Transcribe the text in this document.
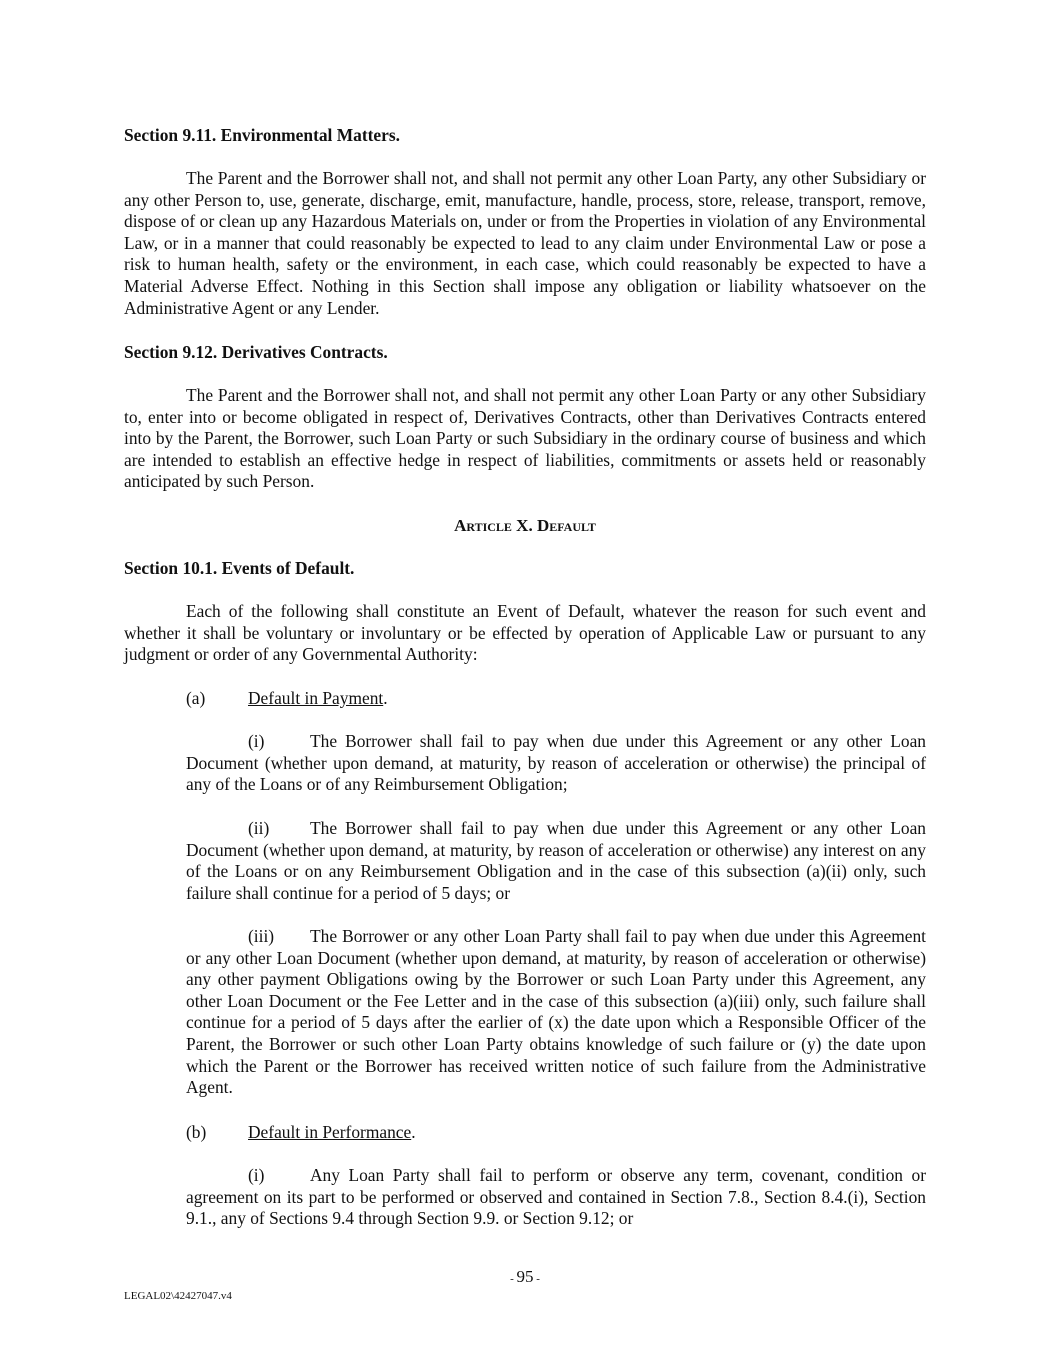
Section 9.11. Environmental Matters.

The Parent and the Borrower shall not, and shall not permit any other Loan Party, any other Subsidiary or any other Person to, use, generate, discharge, emit, manufacture, handle, process, store, release, transport, remove, dispose of or clean up any Hazardous Materials on, under or from the Properties in violation of any Environmental Law, or in a manner that could reasonably be expected to lead to any claim under Environmental Law or pose a risk to human health, safety or the environment, in each case, which could reasonably be expected to have a Material Adverse Effect. Nothing in this Section shall impose any obligation or liability whatsoever on the Administrative Agent or any Lender.

Section 9.12. Derivatives Contracts.

The Parent and the Borrower shall not, and shall not permit any other Loan Party or any other Subsidiary to, enter into or become obligated in respect of, Derivatives Contracts, other than Derivatives Contracts entered into by the Parent, the Borrower, such Loan Party or such Subsidiary in the ordinary course of business and which are intended to establish an effective hedge in respect of liabilities, commitments or assets held or reasonably anticipated by such Person.

Article X. Default

Section 10.1. Events of Default.

Each of the following shall constitute an Event of Default, whatever the reason for such event and whether it shall be voluntary or involuntary or be effected by operation of Applicable Law or pursuant to any judgment or order of any Governmental Authority:

(a) Default in Payment.

(i)	The Borrower shall fail to pay when due under this Agreement or any other Loan Document (whether upon demand, at maturity, by reason of acceleration or otherwise) the principal of any of the Loans or of any Reimbursement Obligation;

(ii) The Borrower shall fail to pay when due under this Agreement or any other Loan Document (whether upon demand, at maturity, by reason of acceleration or otherwise) any interest on any of the Loans or on any Reimbursement Obligation and in the case of this subsection (a)(ii) only, such failure shall continue for a period of 5 days; or

(iii) The Borrower or any other Loan Party shall fail to pay when due under this Agreement or any other Loan Document (whether upon demand, at maturity, by reason of acceleration or otherwise) any other payment Obligations owing by the Borrower or such Loan Party under this Agreement, any other Loan Document or the Fee Letter and in the case of this subsection (a)(iii) only, such failure shall continue for a period of 5 days after the earlier of (x) the date upon which a Responsible Officer of the Parent, the Borrower or such other Loan Party obtains knowledge of such failure or (y) the date upon which the Parent or the Borrower has received written notice of such failure from the Administrative Agent.

(b) Default in Performance.

(i)	Any Loan Party shall fail to perform or observe any term, covenant, condition or agreement on its part to be performed or observed and contained in Section 7.8., Section 8.4.(i), Section 9.1., any of Sections 9.4 through Section 9.9. or Section 9.12; or

- 95 -

LEGAL02\42427047.v4
